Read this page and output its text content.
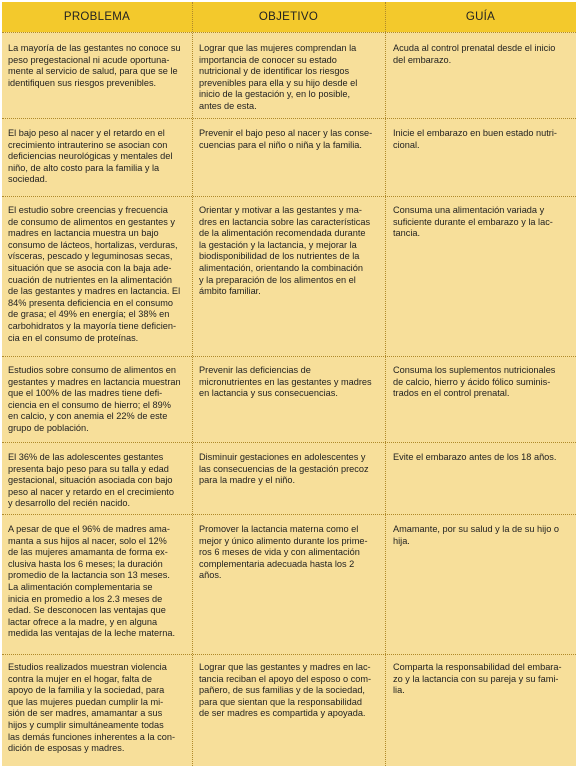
PROBLEMA	OBJETIVO	GUÍA
La mayoría de las gestantes no conoce su
peso pregestacional ni acude oportuna-
mente al servicio de salud, para que se le
identifiquen sus riesgos prevenibles.
Lograr que las mujeres comprendan la
importancia de conocer su estado
nutricional y de identificar los riesgos
prevenibles para ella y su hijo desde el
inicio de la gestación y, en lo posible,
antes de esta.
Acuda al control prenatal desde el inicio
del embarazo.
El bajo peso al nacer y el retardo en el
crecimiento intrauterino se asocian con
deficiencias neurológicas y mentales del
niño, de alto costo para la familia y la
sociedad.
Prevenir el bajo peso al nacer y las conse-
cuencias para el niño o niña y la familia.
Inicie el embarazo en buen estado nutri-
cional.
El estudio sobre creencias y frecuencia
de consumo de alimentos en gestantes y
madres en lactancia muestra un bajo
consumo de lácteos, hortalizas, verduras,
vísceras, pescado y leguminosas secas,
situación que se asocia con la baja ade-
cuación de nutrientes en la alimentación
de las gestantes y madres en lactancia. El
84% presenta deficiencia en el consumo
de grasa; el 49% en energía; el 38% en
carbohidratos y la mayoría tiene deficien-
cia en el consumo de proteínas.
Orientar y motivar a las gestantes y ma-
dres en lactancia sobre las características
de la alimentación recomendada durante
la gestación y la lactancia, y mejorar la
biodisponibilidad de los nutrientes de la
alimentación, orientando la combinación
y la preparación de los alimentos en el
ámbito familiar.
Consuma una alimentación variada y
suficiente durante el embarazo y la lac-
tancia.
Estudios sobre consumo de alimentos en
gestantes y madres en lactancia muestran
que el 100% de las madres tiene defi-
ciencia en el consumo de hierro; el 89%
en calcio, y con anemia el 22% de este
grupo de población.
Prevenir las deficiencias de
micronutrientes en las gestantes y madres
en lactancia y sus consecuencias.
Consuma los suplementos nutricionales
de calcio, hierro y ácido fólico suminis-
trados en el control prenatal.
El 36% de las adolescentes gestantes
presenta bajo peso para su talla y edad
gestacional, situación asociada con bajo
peso al nacer y retardo en el crecimiento
y desarrollo del recién nacido.
Disminuir gestaciones en adolescentes y
las consecuencias de la gestación precoz
para la madre y el niño.
Evite el embarazo antes de los 18 años.
A pesar de que el 96% de madres ama-
manta a sus hijos al nacer, solo el 12%
de las mujeres amamanta de forma ex-
clusiva hasta los 6 meses; la duración
promedio de la lactancia son 13 meses.
La alimentación complementaria se
inicia en promedio a los 2.3 meses de
edad. Se desconocen las ventajas que
lactar ofrece a la madre, y en alguna
medida las ventajas de la leche materna.
Promover la lactancia materna como el
mejor y único alimento durante los prime-
ros 6 meses de vida y con alimentación
complementaria adecuada hasta los 2
años.
Amamante, por su salud y la de su hijo o
hija.
Estudios realizados muestran violencia
contra la mujer en el hogar, falta de
apoyo de la familia y la sociedad, para
que las mujeres puedan cumplir la mi-
sión de ser madres, amamantar a sus
hijos y cumplir simultáneamente todas
las demás funciones inherentes a la con-
dición de esposas y madres.
Lograr que las gestantes y madres en lac-
tancia reciban el apoyo del esposo o com-
pañero, de sus familias y de la sociedad,
para que sientan que la responsabilidad
de ser madres es compartida y apoyada.
Comparta la responsabilidad del embara-
zo y la lactancia con su pareja y su fami-
lia.
